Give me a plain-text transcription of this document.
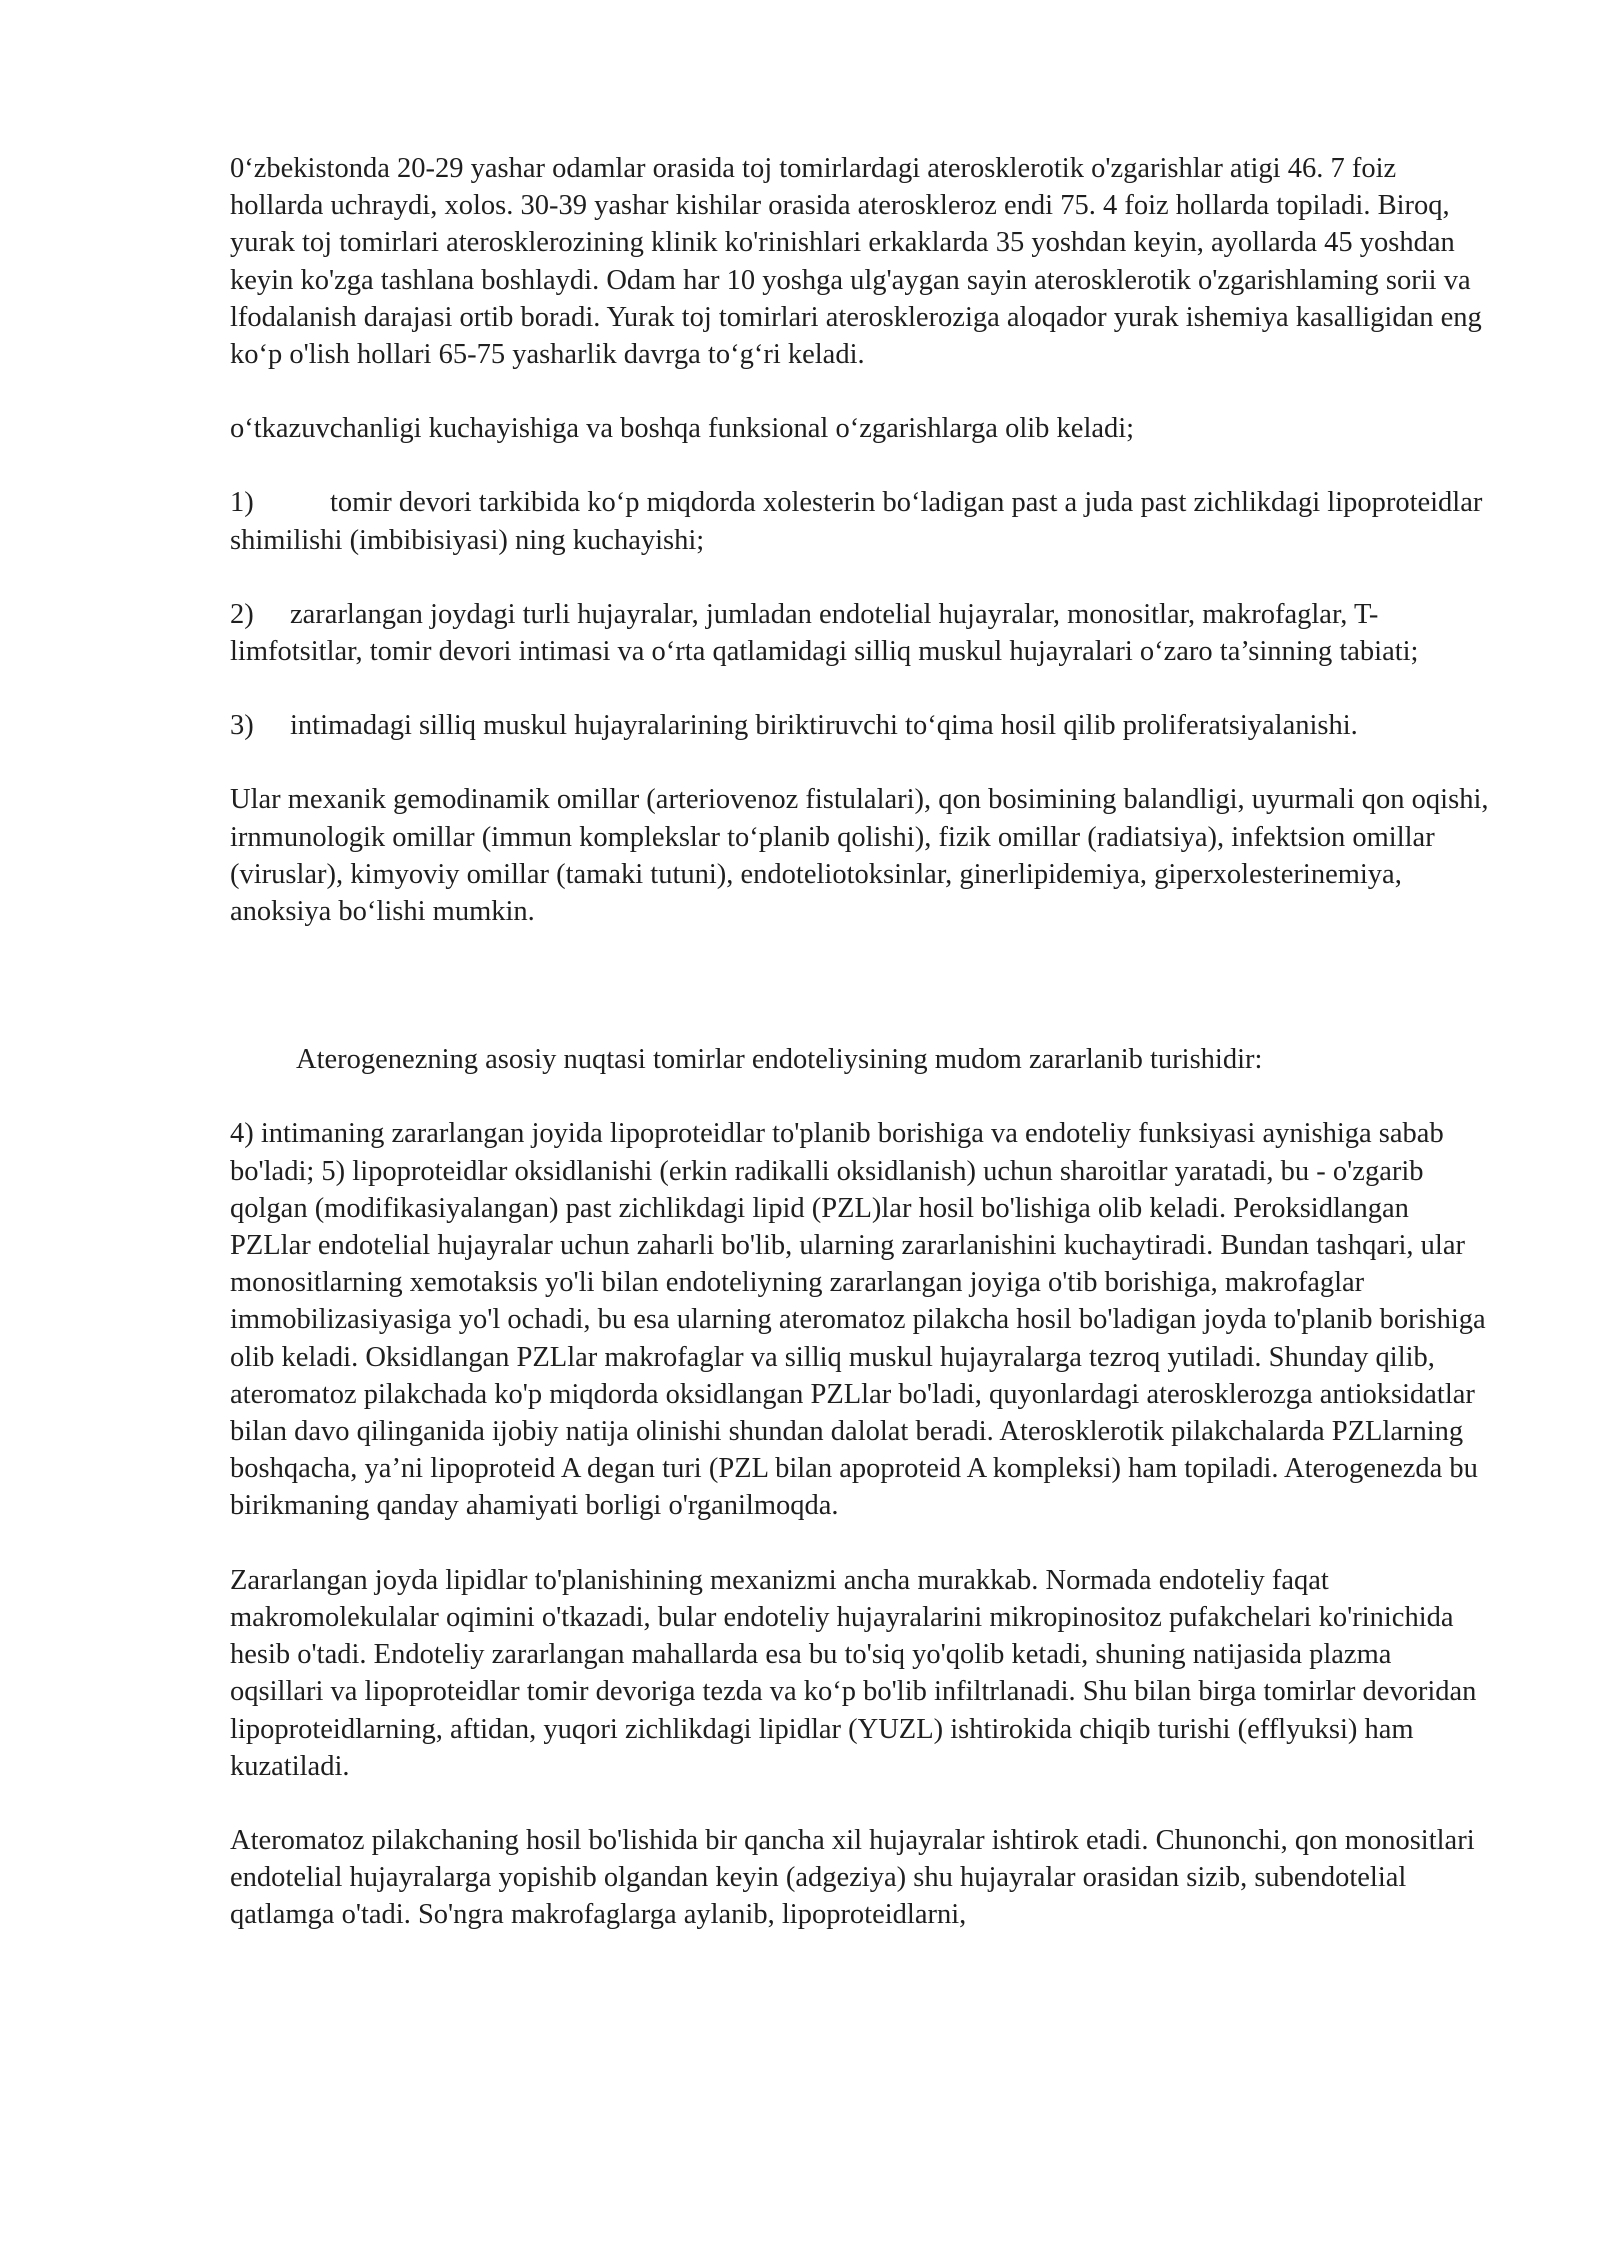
0‘zbekistonda 20-29 yashar odamlar orasida toj tomirlardagi aterosklerotik o'zgarishlar atigi 46. 7 foiz hollarda uchraydi, xolos. 30-39 yashar kishilar orasida ateroskleroz endi 75. 4 foiz hollarda topiladi. Biroq, yurak toj tomirlari aterosklerozining klinik ko'rinishlari erkaklarda 35 yoshdan keyin, ayollarda 45 yoshdan keyin ko'zga tashlana boshlaydi. Odam har 10 yoshga ulg'aygan sayin aterosklerotik o'zgarishlaming sorii va lfodalanish darajasi ortib boradi. Yurak toj tomirlari aterosklerozigа aloqador yurak ishemiya kasalligidan eng ko‘p o'lish hollari 65-75 yasharlik davrga to‘g‘ri keladi.

o‘tkazuvchanligi kuchayishiga va boshqa funksional o‘zgarishlarga olib keladi;

1)	tomir devori tarkibida ko‘p miqdorda xolesterin bo‘ladigan past a juda past zichlikdagi lipoproteidlar shimilishi (imbibisiyasi) ning kuchayishi;

2) zararlangan joydagi turli hujayralar, jumladan endotelial hujayralar, monositlar, makrofaglar, T-limfotsitlar, tomir devori intimasi va o‘rta qatlamidagi silliq muskul hujayralari o‘zaro ta’sinning tabiati;

3) intimadagi silliq muskul hujayralarining biriktiruvchi to‘qima hosil qilib proliferatsiyalanishi.

Ular mexanik gemodinamik omillar (arteriovenoz fistulalari), qon bosimining balandligi, uyurmali qon oqishi, irnmunologik omillar (immun komplekslar to‘planib qolishi), fizik omillar (radiatsiya), infektsion omillar (viruslar), kimyoviy omillar (tamaki tutuni), endoteliotoksinlar, ginerlipidemiya, giperxolesterinemiya, anoksiya bo‘lishi mumkin.

Aterogenezning asosiy nuqtasi tomirlar endoteliysining mudom zararlanib turishidir:

4) intimaning zararlangan joyida lipoproteidlar to'planib borishiga va endoteliy funksiyasi aynishiga sabab bo'ladi; 5) lipoproteidlar oksidlanishi (erkin radikalli oksidlanish) uchun sharoitlar yaratadi, bu - o'zgarib qolgan (modifikasiyalangan) past zichlikdagi lipid (PZL)lar hosil bo'lishiga olib keladi. Peroksidlangan PZLlar endotelial hujayralar uchun zaharli bo'lib, ularning zararlanishini kuchaytiradi. Bundan tashqari, ular monositlarning xemotaksis yo'li bilan endoteliyning zararlangan joyiga o'tib borishiga, makrofaglar immobilizasiyasiga yo'l ochadi, bu esa ularning ateromatoz pilakcha hosil bo'ladigan joyda to'planib borishiga olib keladi. Oksidlangan PZLlar makrofaglar va silliq muskul hujayralarga tezroq yutiladi. Shunday qilib, ateromatoz pilakchada ko'p miqdorda oksidlangan PZLlar bo'ladi, quyonlardagi aterosklerozga antioksidatlar bilan davo qilinganida ijobiy natija olinishi shundan dalolat beradi. Aterosklerotik pilakchalarda PZLlarning boshqacha, ya’ni lipoproteid A degan turi (PZL bilan apoproteid A kompleksi) ham topiladi. Aterogenezda bu birikmaning qanday ahamiyati borligi o'rganilmoqda.

Zararlangan joyda lipidlar to'planishining mexanizmi ancha murakkab. Normada endoteliy faqat makromolekulalar oqimini o'tkazadi, bular endoteliy hujayralarini mikropinositoz pufakchelari ko'rinichida hesib o'tadi. Endoteliy zararlangan mahallarda esa bu to'siq yo'qolib ketadi, shuning natijasida plazma oqsillari va lipoproteidlar tomir devoriga tezda va ko‘p bo'lib infiltrlanadi. Shu bilan birga tomirlar devoridan lipoproteidlarning, aftidan, yuqori zichlikdagi lipidlar (YUZL) ishtirokida chiqib turishi (efflyuksi) ham kuzatiladi.

Ateromatoz pilakchaning hosil bo'lishida bir qancha xil hujayralar ishtirok etadi. Chunonchi, qon monositlari endotelial hujayralarga yopishib olgandan keyin (adgeziya) shu hujayralar orasidan sizib, subendotelial qatlamga o'tadi. So'ngra makrofaglarga aylanib, lipoproteidlarni,
